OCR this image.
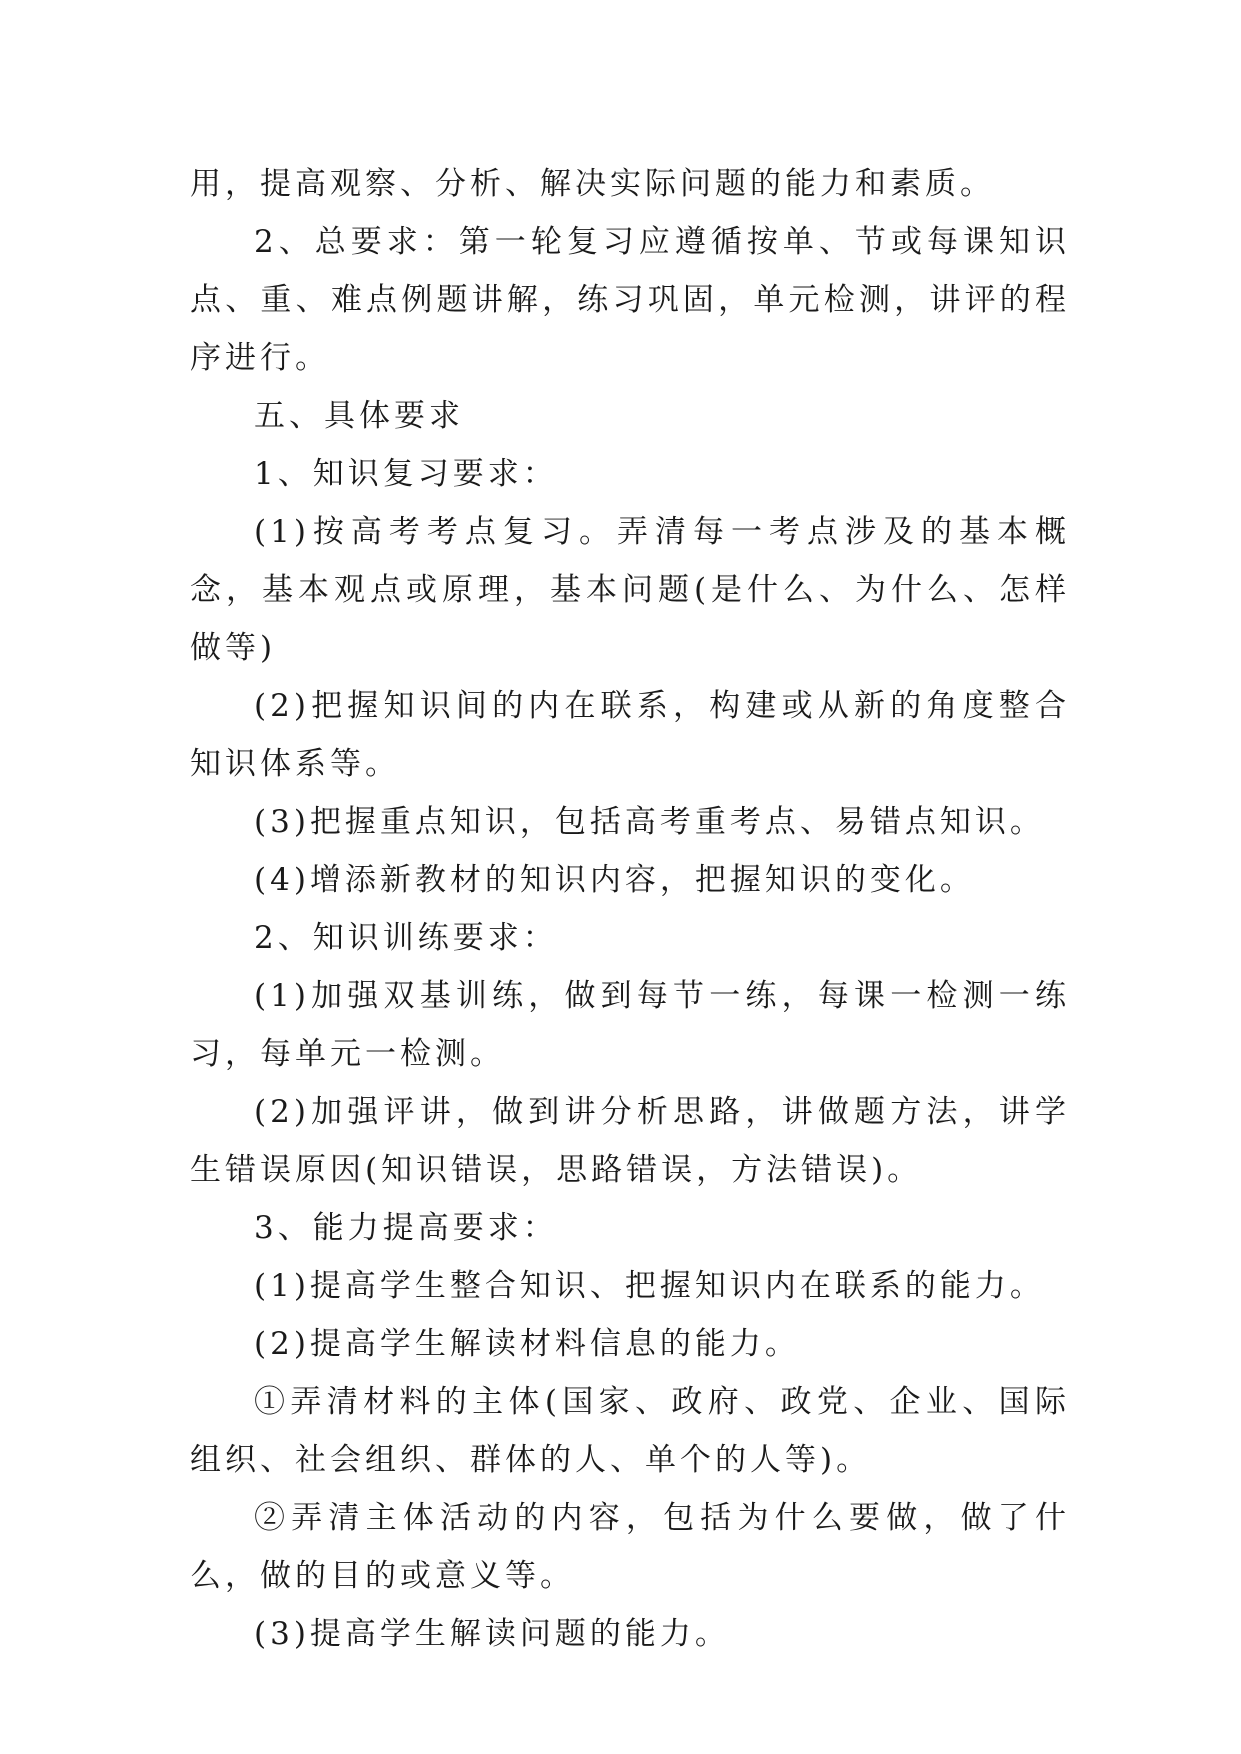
用，提高观察、分析、解决实际问题的能力和素质。

2、总要求：第一轮复习应遵循按单、节或每课知识点、重、难点例题讲解，练习巩固，单元检测，讲评的程序进行。

五、具体要求

1、知识复习要求：

(1)按高考考点复习。弄清每一考点涉及的基本概念，基本观点或原理，基本问题(是什么、为什么、怎样做等)

(2)把握知识间的内在联系，构建或从新的角度整合知识体系等。

(3)把握重点知识，包括高考重考点、易错点知识。

(4)增添新教材的知识内容，把握知识的变化。

2、知识训练要求：

(1)加强双基训练，做到每节一练，每课一检测一练习，每单元一检测。

(2)加强评讲，做到讲分析思路，讲做题方法，讲学生错误原因(知识错误，思路错误，方法错误)。

3、能力提高要求：

(1)提高学生整合知识、把握知识内在联系的能力。

(2)提高学生解读材料信息的能力。

①弄清材料的主体(国家、政府、政党、企业、国际组织、社会组织、群体的人、单个的人等)。

②弄清主体活动的内容，包括为什么要做，做了什么，做的目的或意义等。

(3)提高学生解读问题的能力。
